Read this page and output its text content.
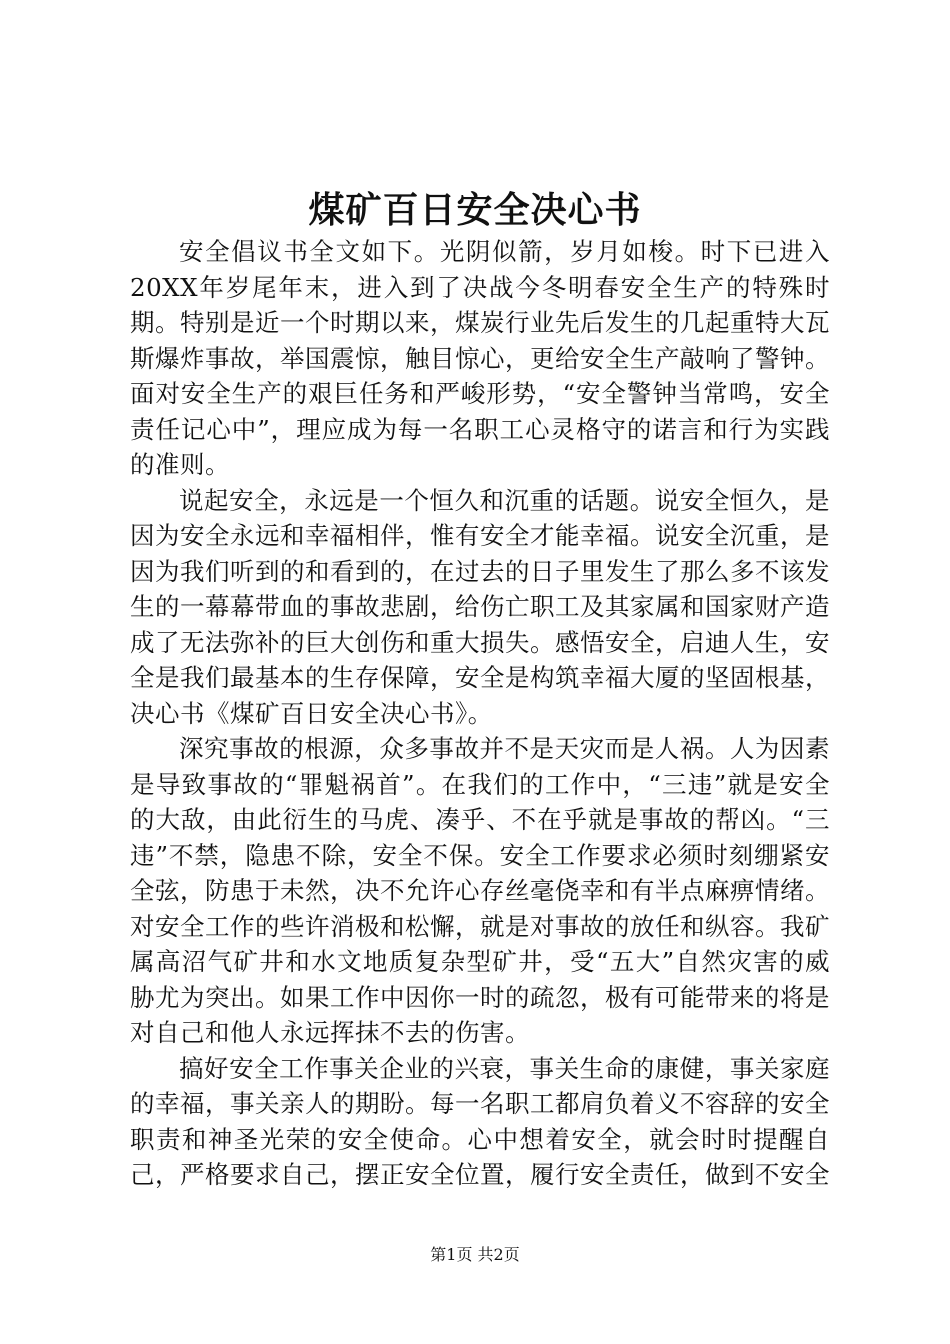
煤矿百日安全决心书

安全倡议书全文如下。光阴似箭，岁月如梭。时下已进入20XX年岁尾年末，进入到了决战今冬明春安全生产的特殊时期。特别是近一个时期以来，煤炭行业先后发生的几起重特大瓦斯爆炸事故，举国震惊，触目惊心，更给安全生产敲响了警钟。面对安全生产的艰巨任务和严峻形势，“安全警钟当常鸣，安全责任记心中”，理应成为每一名职工心灵格守的诺言和行为实践的准则。

说起安全，永远是一个恒久和沉重的话题。说安全恒久，是因为安全永远和幸福相伴，惟有安全才能幸福。说安全沉重，是因为我们听到的和看到的，在过去的日子里发生了那么多不该发生的一幕幕带血的事故悲剧，给伤亡职工及其家属和国家财产造成了无法弥补的巨大创伤和重大损失。感悟安全，启迪人生，安全是我们最基本的生存保障，安全是构筑幸福大厦的坚固根基，决心书《煤矿百日安全决心书》。

深究事故的根源，众多事故并不是天灾而是人祸。人为因素是导致事故的“罪魁祸首”。在我们的工作中，“三违”就是安全的大敌，由此衍生的马虎、凑乎、不在乎就是事故的帮凶。“三违”不禁，隐患不除，安全不保。安全工作要求必须时刻绷紧安全弦，防患于未然，决不允许心存丝毫侥幸和有半点麻痹情绪。对安全工作的些许消极和松懈，就是对事故的放任和纵容。我矿属高沼气矿井和水文地质复杂型矿井，受“五大”自然灾害的威胁尤为突出。如果工作中因你一时的疏忽，极有可能带来的将是对自己和他人永远挥抹不去的伤害。

搞好安全工作事关企业的兴衰，事关生命的康健，事关家庭的幸福，事关亲人的期盼。每一名职工都肩负着义不容辞的安全职责和神圣光荣的安全使命。心中想着安全，就会时时提醒自己，严格要求自己，摆正安全位置，履行安全责任，做到不安全

第1页 共2页
